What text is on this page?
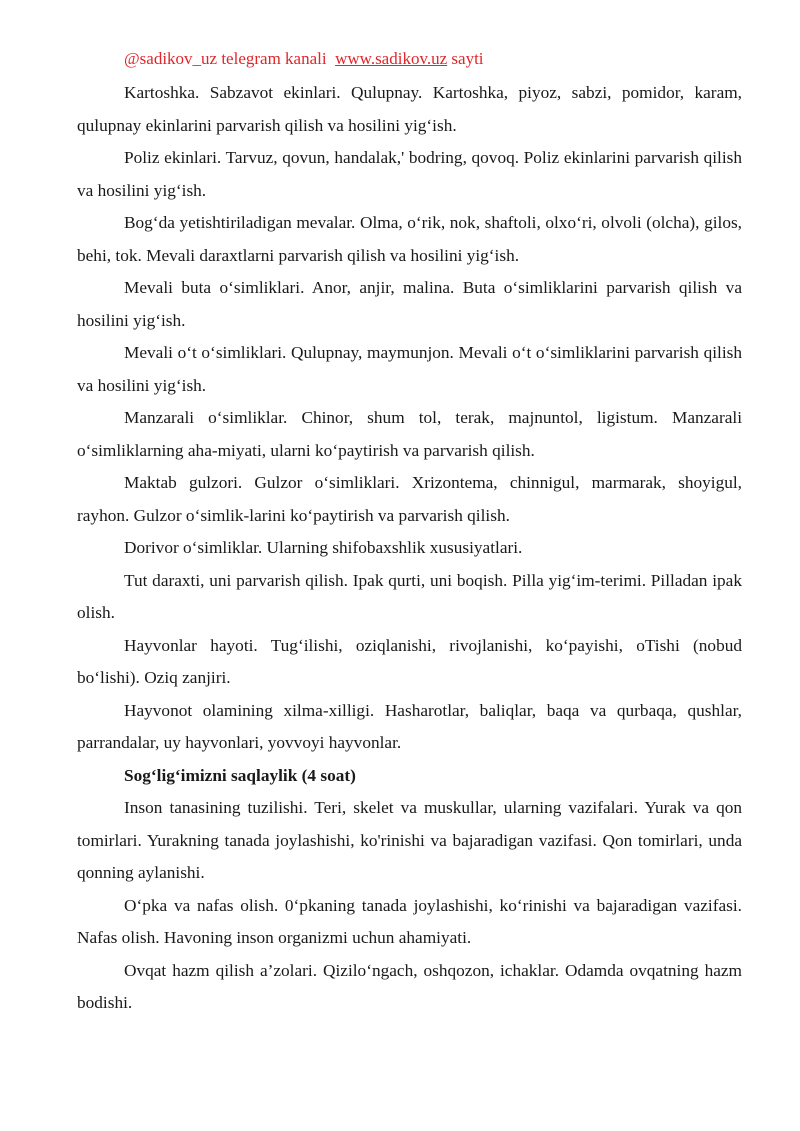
@sadikov_uz telegram kanali www.sadikov.uz sayti

Kartoshka. Sabzavot ekinlari. Qulupnay. Kartoshka, piyoz, sabzi, pomidor, karam, qulupnay ekinlarini parvarish qilish va hosilini yig‘ish.

Poliz ekinlari. Tarvuz, qovun, handalak,' bodring, qovoq. Poliz ekinlarini parvarish qilish va hosilini yig‘ish.

Bog‘da yetishtiriladigan mevalar. Olma, o‘rik, nok, shaftoli, olxo‘ri, olvoli (olcha), gilos, behi, tok. Mevali daraxtlarni parvarish qilish va hosilini yig‘ish.

Mevali buta o‘simliklari. Anor, anjir, malina. Buta o‘simliklarini parvarish qilish va hosilini yig‘ish.

Mevali o‘t o‘simliklari. Qulupnay, maymunjon. Mevali o‘t o‘simliklarini parvarish qilish va hosilini yig‘ish.

Manzarali o‘simliklar. Chinor, shum tol, terak, majnuntol, ligistum. Manzarali o‘simliklarning aha-miyati, ularni ko‘paytirish va parvarish qilish.

Maktab gulzori. Gulzor o‘simliklari. Xrizontema, chinnigul, marmarak, shoyigul, rayhon. Gulzor o‘simlik-larini ko‘paytirish va parvarish qilish.

Dorivor o‘simliklar. Ularning shifobaxshlik xususiyatlari.

Tut daraxti, uni parvarish qilish. Ipak qurti, uni boqish. Pilla yig‘im-terimi. Pilladan ipak olish.

Hayvonlar hayoti. Tug‘ilishi, oziqlanishi, rivojlanishi, ko‘payishi, oTishi (nobud bo‘lishi). Oziq zanjiri.

Hayvonot olamining xilma-xilligi. Hasharotlar, baliqlar, baqa va qurbaqa, qushlar, parrandalar, uy hayvonlari, yovvoyi hayvonlar.

Sog‘lig‘imizni saqlaylik (4 soat)

Inson tanasining tuzilishi. Teri, skelet va muskullar, ularning vazifalari. Yurak va qon tomirlari. Yurakning tanada joylashishi, ko'rinishi va bajaradigan vazifasi. Qon tomirlari, unda qonning aylanishi.

O‘pka va nafas olish. 0‘pkaning tanada joylashishi, ko‘rinishi va bajaradigan vazifasi. Nafas olish. Havoning inson organizmi uchun ahamiyati.

Ovqat hazm qilish a’zolari. Qizilo‘ngach, oshqozon, ichaklar. Odamda ovqatning hazm bodishi.
